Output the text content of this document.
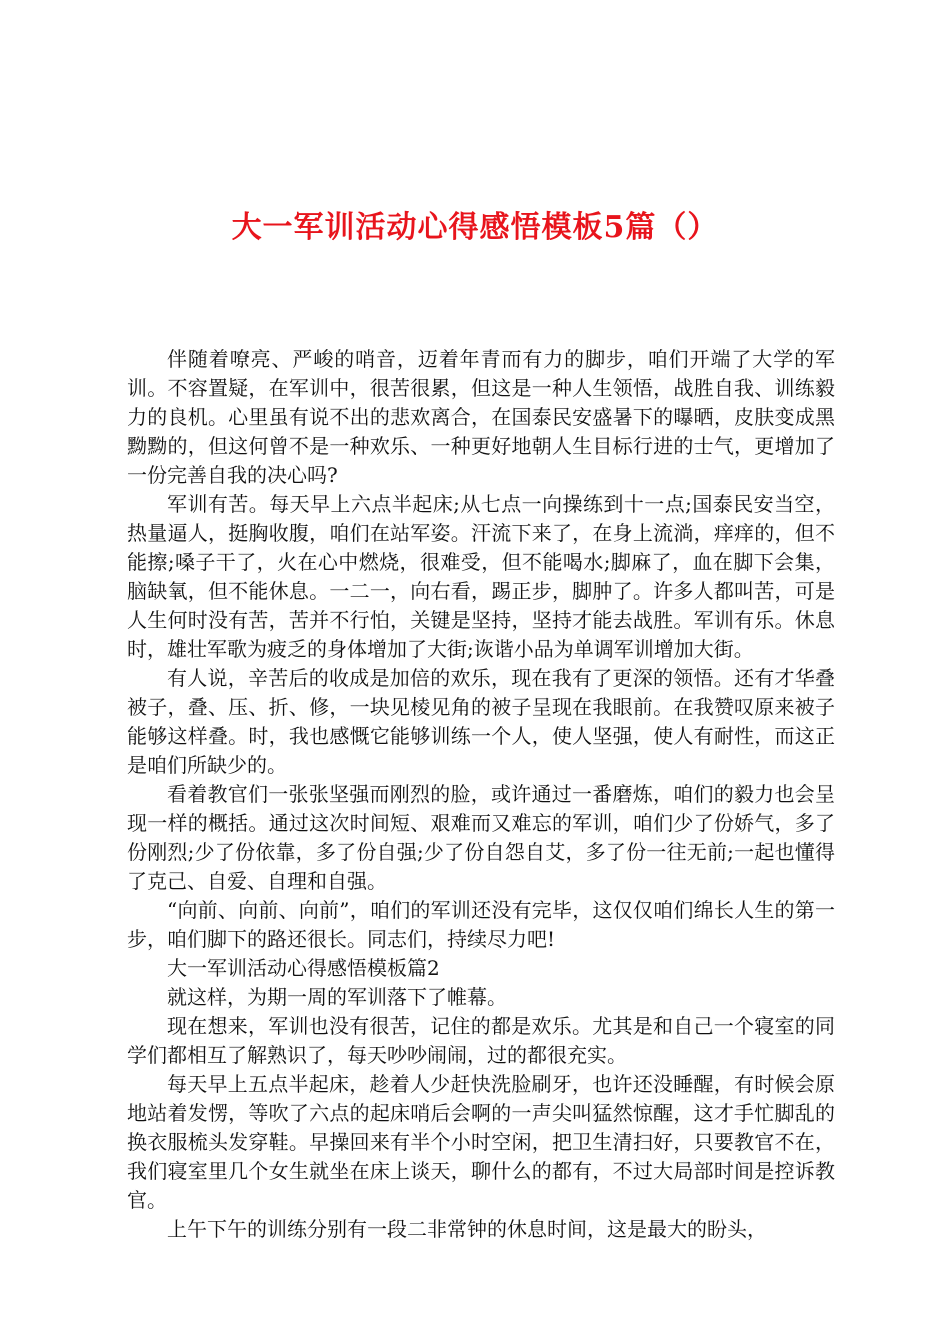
大一军训活动心得感悟模板5篇（）

伴随着嘹亮、严峻的哨音，迈着年青而有力的脚步，咱们开端了大学的军训。不容置疑，在军训中，很苦很累，但这是一种人生领悟，战胜自我、训练毅力的良机。心里虽有说不出的悲欢离合，在国泰民安盛暑下的曝晒，皮肤变成黑黝黝的，但这何曾不是一种欢乐、一种更好地朝人生目标行进的士气，更增加了一份完善自我的决心吗?

军训有苦。每天早上六点半起床;从七点一向操练到十一点;国泰民安当空，热量逼人，挺胸收腹，咱们在站军姿。汗流下来了，在身上流淌，痒痒的，但不能擦;嗓子干了，火在心中燃烧，很难受，但不能喝水;脚麻了，血在脚下会集，脑缺氧，但不能休息。一二一，向右看，踢正步，脚肿了。许多人都叫苦，可是人生何时没有苦，苦并不行怕，关键是坚持，坚持才能去战胜。军训有乐。休息时，雄壮军歌为疲乏的身体增加了大街;诙谐小品为单调军训增加大街。

有人说，辛苦后的收成是加倍的欢乐，现在我有了更深的领悟。还有才华叠被子，叠、压、折、修，一块见棱见角的被子呈现在我眼前。在我赞叹原来被子能够这样叠。时，我也感慨它能够训练一个人，使人坚强，使人有耐性，而这正是咱们所缺少的。

看着教官们一张张坚强而刚烈的脸，或许通过一番磨炼，咱们的毅力也会呈现一样的概括。通过这次时间短、艰难而又难忘的军训，咱们少了份娇气，多了份刚烈;少了份依靠，多了份自强;少了份自怨自艾，多了份一往无前;一起也懂得了克己、自爱、自理和自强。

“向前、向前、向前”，咱们的军训还没有完毕，这仅仅咱们绵长人生的第一步，咱们脚下的路还很长。同志们，持续尽力吧!

大一军训活动心得感悟模板篇2

就这样，为期一周的军训落下了帷幕。

现在想来，军训也没有很苦，记住的都是欢乐。尤其是和自己一个寝室的同学们都相互了解熟识了，每天吵吵闹闹，过的都很充实。

每天早上五点半起床，趁着人少赶快洗脸刷牙，也许还没睡醒，有时候会原地站着发愣，等吹了六点的起床哨后会啊的一声尖叫猛然惊醒，这才手忙脚乱的换衣服梳头发穿鞋。早操回来有半个小时空闲，把卫生清扫好，只要教官不在，我们寝室里几个女生就坐在床上谈天，聊什么的都有，不过大局部时间是控诉教官。

上午下午的训练分别有一段二非常钟的休息时间，这是最大的盼头，
